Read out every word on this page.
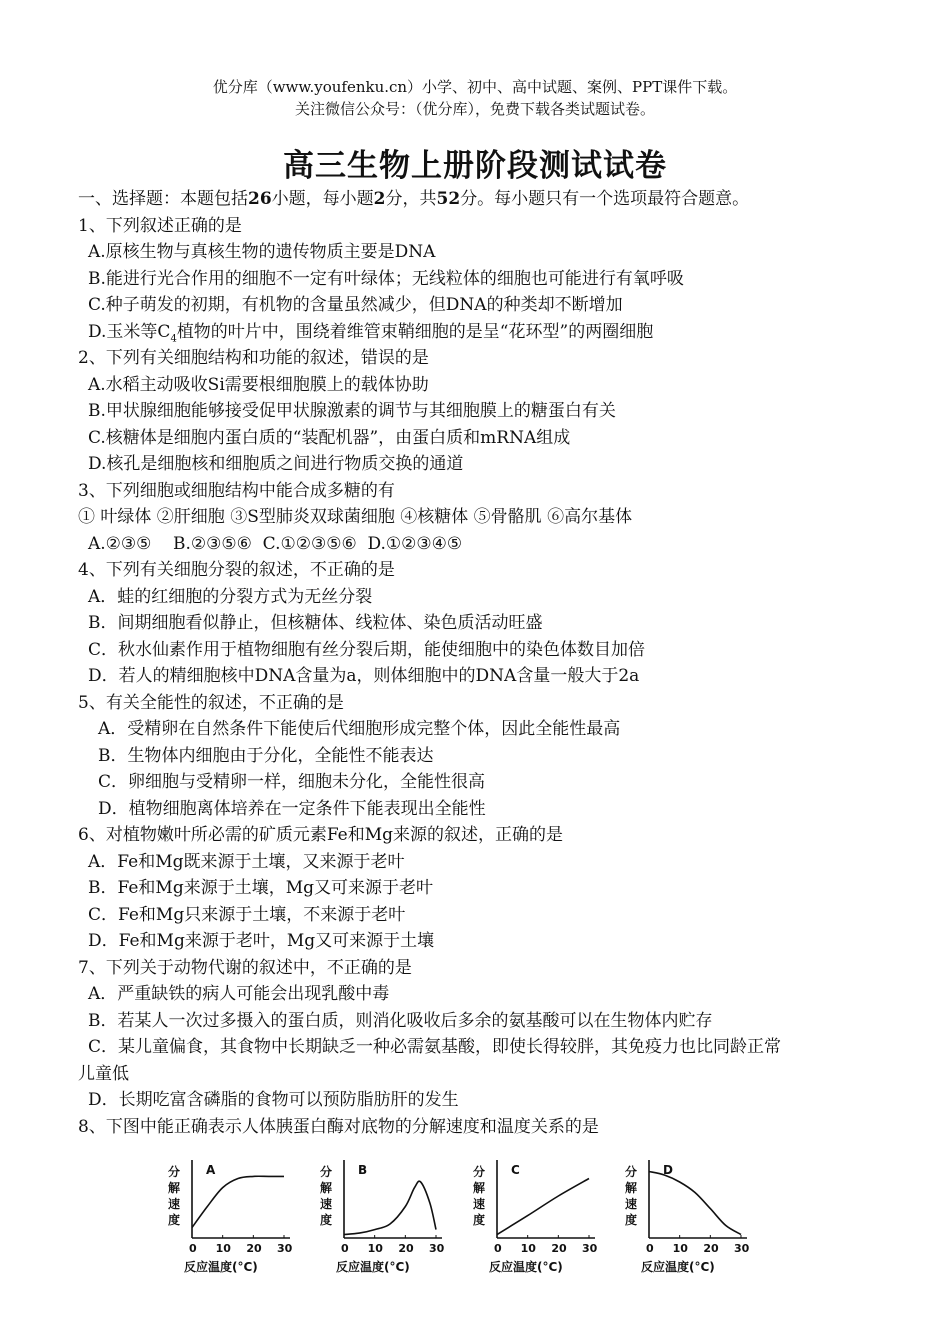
优分库（www.youfenku.cn）小学、初中、高中试题、案例、PPT课件下载。
关注微信公众号：（优分库），免费下载各类试题试卷。
高三生物上册阶段测试试卷
一、选择题：本题包括26小题，每小题2分，共52分。每小题只有一个选项最符合题意。
1、下列叙述正确的是
A.原核生物与真核生物的遗传物质主要是DNA
B.能进行光合作用的细胞不一定有叶绿体；无线粒体的细胞也可能进行有氧呼吸
C.种子萌发的初期，有机物的含量虽然减少，但DNA的种类却不断增加
D.玉米等$C_4$植物的叶片中，围绕着维管束鞘细胞的是呈“花环型”的两圈细胞
2、下列有关细胞结构和功能的叙述，错误的是
A.水稻主动吸收Si需要根细胞膜上的载体协助
B.甲状腺细胞能够接受促甲状腺激素的调节与其细胞膜上的糖蛋白有关
C.核糖体是细胞内蛋白质的“装配机器”，由蛋白质和mRNA组成
D.核孔是细胞核和细胞质之间进行物质交换的通道
3、下列细胞或细胞结构中能合成多糖的有
① 叶绿体 ②肝细胞 ③S型肺炎双球菌细胞 ④核糖体 ⑤骨骼肌 ⑥高尔基体
A.②③⑤    B.②③⑤⑥  C.①②③⑤⑥  D.①②③④⑤
4、下列有关细胞分裂的叙述，不正确的是
A．蛙的红细胞的分裂方式为无丝分裂
B．间期细胞看似静止，但核糖体、线粒体、染色质活动旺盛
C．秋水仙素作用于植物细胞有丝分裂后期，能使细胞中的染色体数目加倍
D．若人的精细胞核中DNA含量为a，则体细胞中的DNA含量一般大于2a
5、有关全能性的叙述，不正确的是
A．受精卵在自然条件下能使后代细胞形成完整个体，因此全能性最高
B．生物体内细胞由于分化，全能性不能表达
C．卵细胞与受精卵一样，细胞未分化，全能性很高
D．植物细胞离体培养在一定条件下能表现出全能性
6、对植物嫩叶所必需的矿质元素Fe和Mg来源的叙述，正确的是
A．Fe和Mg既来源于土壤，又来源于老叶
B．Fe和Mg来源于土壤，Mg又可来源于老叶
C．Fe和Mg只来源于土壤，不来源于老叶
D．Fe和Mg来源于老叶，Mg又可来源于土壤
7、下列关于动物代谢的叙述中，不正确的是
A．严重缺铁的病人可能会出现乳酸中毒
B．若某人一次过多摄入的蛋白质，则消化吸收后多余的氨基酸可以在生物体内贮存
C．某儿童偏食，其食物中长期缺乏一种必需氨基酸，即使长得较胖，其免疫力也比同龄正常
儿童低
D．长期吃富含磷脂的食物可以预防脂肪肝的发生
8、下图中能正确表示人体胰蛋白酶对底物的分解速度和温度关系的是
分
解
速
度
A
0 10 20 30
反应温度(°C)
分
解
速
度
B
0 10 20 30
反应温度(°C)
分
解
速
度
C
0 10 20 30
反应温度(°C)
分
解
速
度
D
0 10 20 30
反应温度(°C)
